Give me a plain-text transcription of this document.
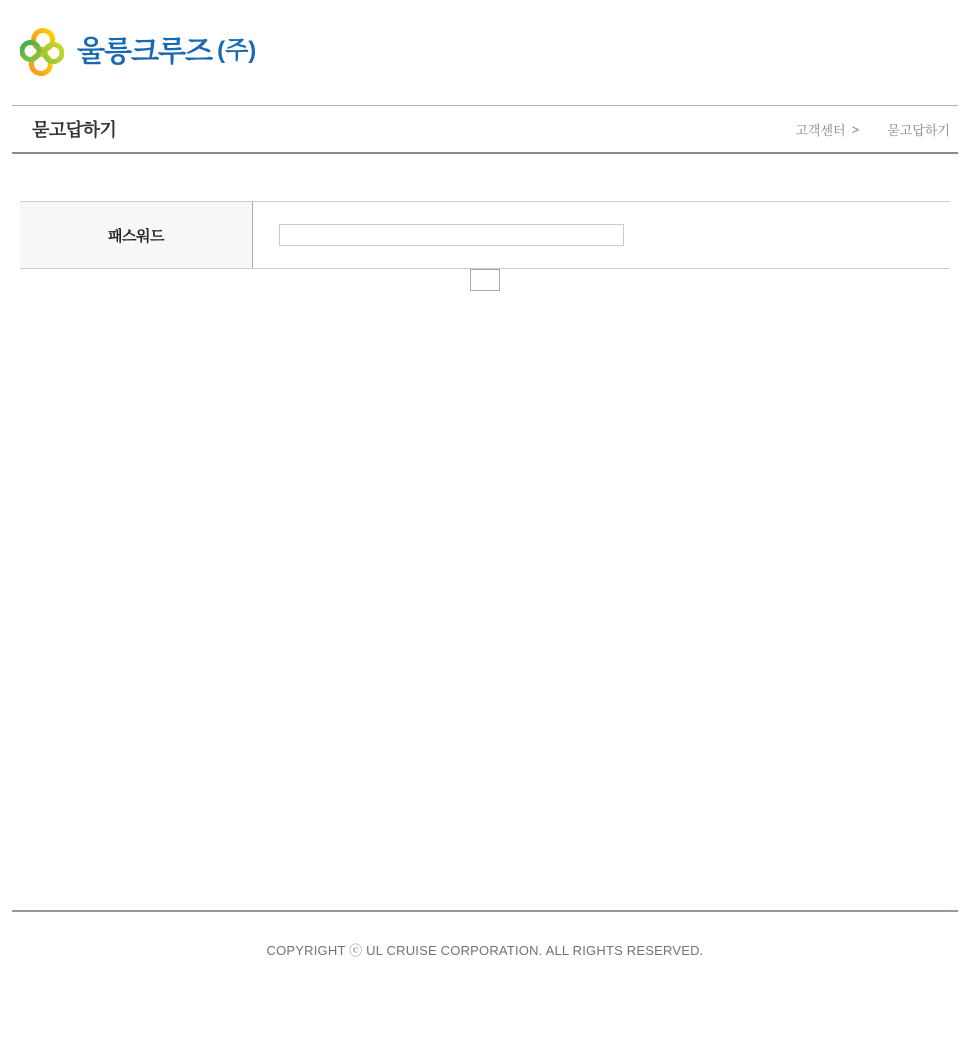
울릉크루즈 (주)
묻고답하기	고객센터 > 묻고답하기
패스워드
COPYRIGHT ⓒ UL CRUISE CORPORATION. ALL RIGHTS RESERVED.
